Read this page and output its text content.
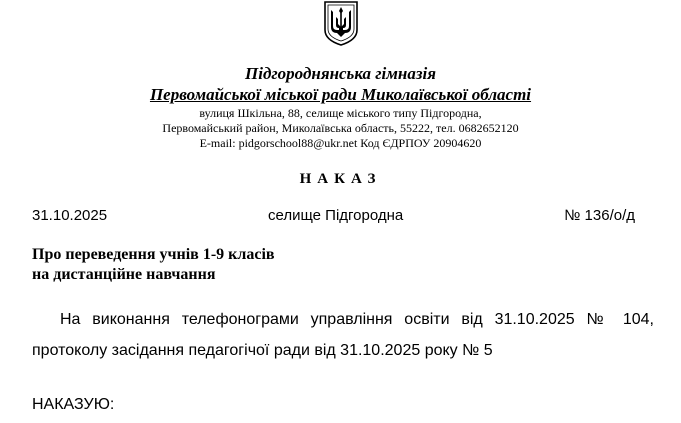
Підгороднянська гімназія
Первомайської міської ради Миколаївської області
вулиця Шкільна, 88, селище міського типу Підгородна,
Первомайський район, Миколаївська область, 55222, тел. 0682652120
E-mail: pidgorschool88@ukr.net Код ЄДРПОУ 20904620
НАКАЗ
31.10.2025	селище Підгородна	№ 136/о/д
Про переведення учнів 1-9 класів
на дистанційне навчання
На виконання телефонограми управління освіти від 31.10.2025 № 104,
протоколу засідання педагогічої ради від 31.10.2025 року № 5
НАКАЗУЮ:
